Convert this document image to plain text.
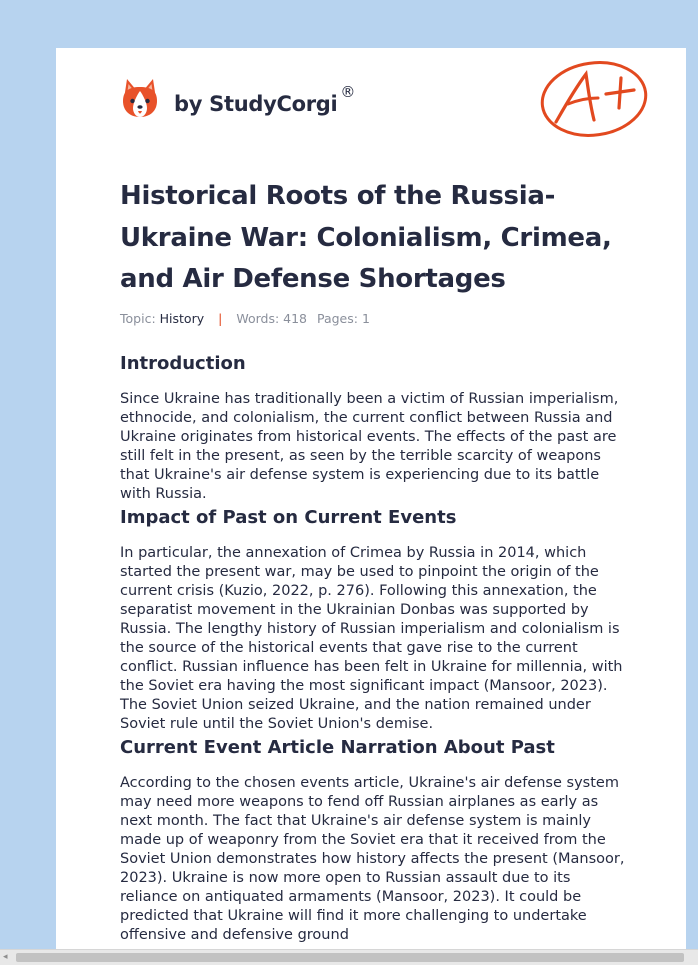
by StudyCorgi ®
Historical Roots of the Russia-Ukraine War: Colonialism, Crimea, and Air Defense Shortages
Topic: History | Words: 418 Pages: 1
Introduction

Since Ukraine has traditionally been a victim of Russian imperialism, ethnocide, and colonialism, the current conflict between Russia and Ukraine originates from historical events. The effects of the past are still felt in the present, as seen by the terrible scarcity of weapons that Ukraine's air defense system is experiencing due to its battle with Russia.

Impact of Past on Current Events

In particular, the annexation of Crimea by Russia in 2014, which started the present war, may be used to pinpoint the origin of the current crisis (Kuzio, 2022, p. 276). Following this annexation, the separatist movement in the Ukrainian Donbas was supported by Russia. The lengthy history of Russian imperialism and colonialism is the source of the historical events that gave rise to the current conflict. Russian influence has been felt in Ukraine for millennia, with the Soviet era having the most significant impact (Mansoor, 2023). The Soviet Union seized Ukraine, and the nation remained under Soviet rule until the Soviet Union's demise.

Current Event Article Narration About Past

According to the chosen events article, Ukraine's air defense system may need more weapons to fend off Russian airplanes as early as next month. The fact that Ukraine's air defense system is mainly made up of weaponry from the Soviet era that it received from the Soviet Union demonstrates how history affects the present (Mansoor, 2023). Ukraine is now more open to Russian assault due to its reliance on antiquated armaments (Mansoor, 2023). It could be predicted that Ukraine will find it more challenging to undertake offensive and defensive ground

◂
